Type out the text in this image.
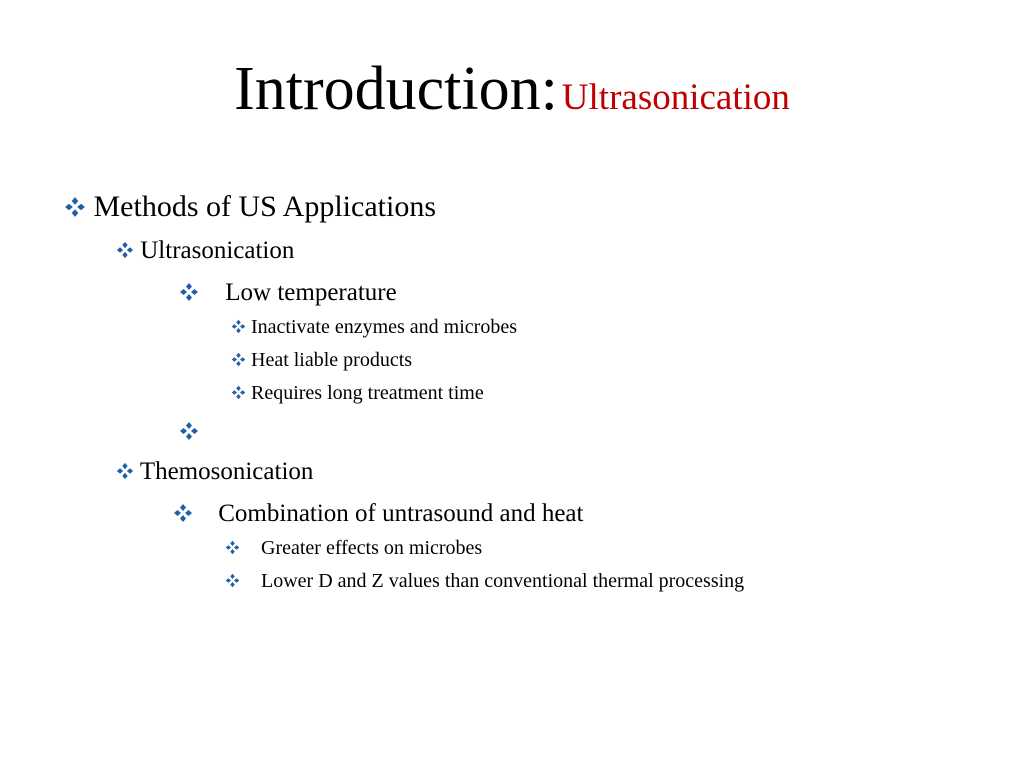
Introduction: Ultrasonication
Methods of US Applications
Ultrasonication
Low temperature
Inactivate enzymes and microbes
Heat liable products
Requires long treatment time
Themosonication
Combination of untrasound and heat
Greater effects on microbes
Lower D and Z values than conventional thermal processing
